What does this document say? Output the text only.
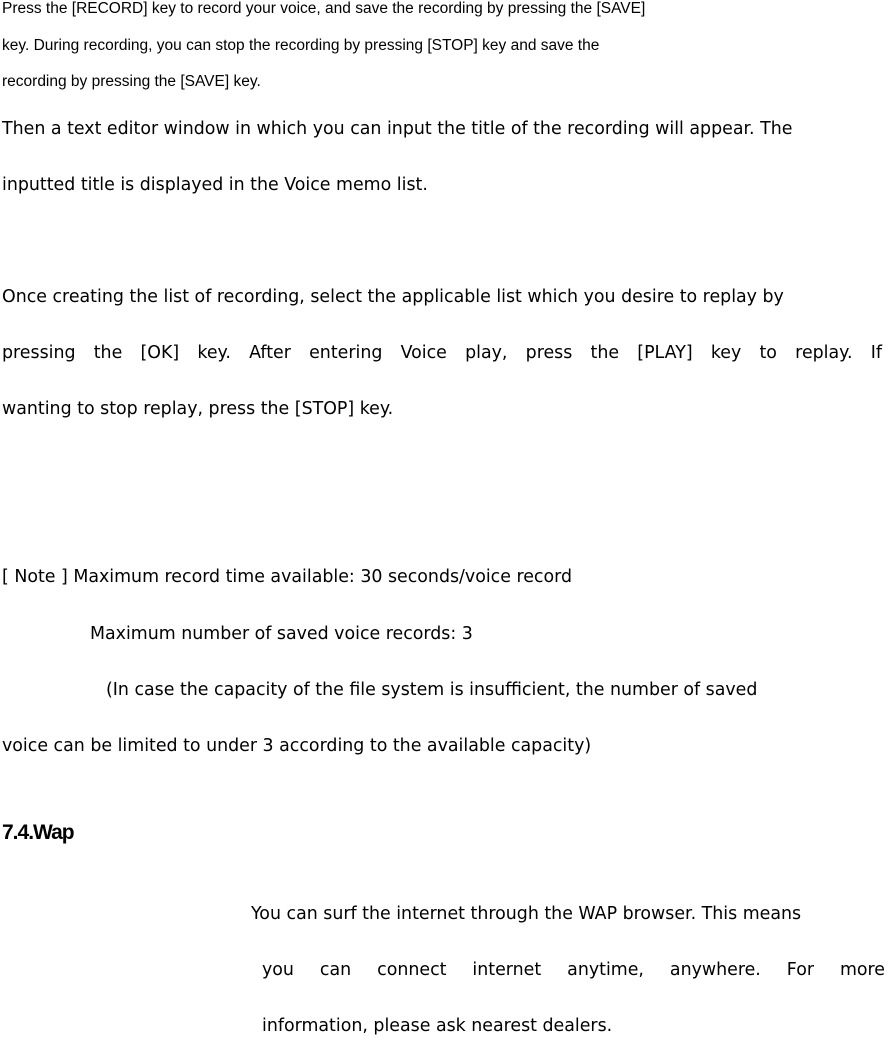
Press the [RECORD] key to record your voice, and save the recording by pressing the [SAVE]

key. During recording, you can stop the recording by pressing [STOP] key and save the

recording by pressing the [SAVE] key.

Then a text editor window in which you can input the title of the recording will appear. The

inputted title is displayed in the Voice memo list.

Once creating the list of recording, select the applicable list which you desire to replay by

pressing the [OK] key. After entering Voice play, press the [PLAY] key to replay. If

wanting to stop replay, press the [STOP] key.

[ Note ] Maximum record time available: 30 seconds/voice record

Maximum number of saved voice records: 3

(In case the capacity of the file system is insufficient, the number of saved

voice can be limited to under 3 according to the available capacity)

7.4.Wap

You can surf the internet through the WAP browser. This means

you can connect internet anytime, anywhere. For more

information, please ask nearest dealers.
